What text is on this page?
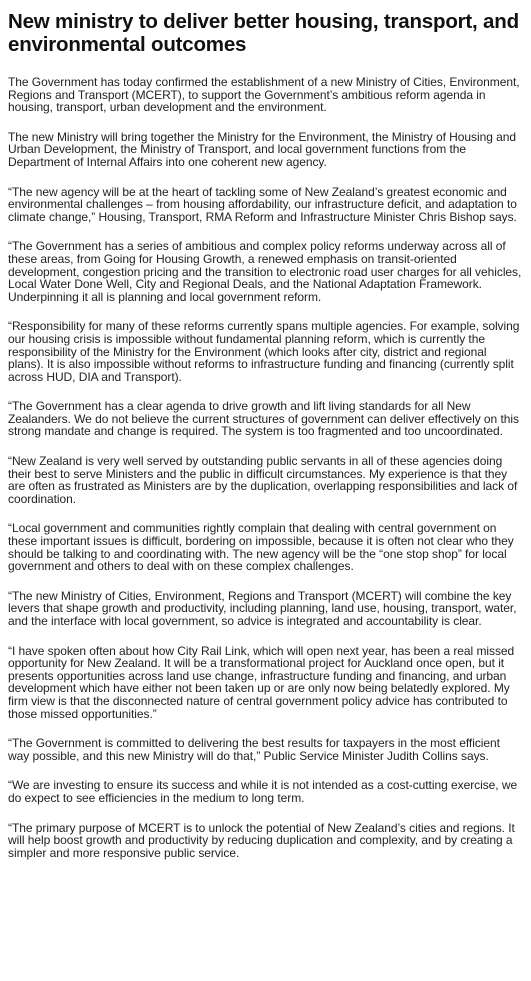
New ministry to deliver better housing, transport, and environmental outcomes

The Government has today confirmed the establishment of a new Ministry of Cities, Environment, Regions and Transport (MCERT), to support the Government’s ambitious reform agenda in housing, transport, urban development and the environment.

The new Ministry will bring together the Ministry for the Environment, the Ministry of Housing and Urban Development, the Ministry of Transport, and local government functions from the Department of Internal Affairs into one coherent new agency.

“The new agency will be at the heart of tackling some of New Zealand’s greatest economic and environmental challenges – from housing affordability, our infrastructure deficit, and adaptation to climate change,” Housing, Transport, RMA Reform and Infrastructure Minister Chris Bishop says.

“The Government has a series of ambitious and complex policy reforms underway across all of these areas, from Going for Housing Growth, a renewed emphasis on transit-oriented development, congestion pricing and the transition to electronic road user charges for all vehicles, Local Water Done Well, City and Regional Deals, and the National Adaptation Framework. Underpinning it all is planning and local government reform.

“Responsibility for many of these reforms currently spans multiple agencies. For example, solving our housing crisis is impossible without fundamental planning reform, which is currently the responsibility of the Ministry for the Environment (which looks after city, district and regional plans). It is also impossible without reforms to infrastructure funding and financing (currently split across HUD, DIA and Transport).

“The Government has a clear agenda to drive growth and lift living standards for all New Zealanders. We do not believe the current structures of government can deliver effectively on this strong mandate and change is required. The system is too fragmented and too uncoordinated.

“New Zealand is very well served by outstanding public servants in all of these agencies doing their best to serve Ministers and the public in difficult circumstances. My experience is that they are often as frustrated as Ministers are by the duplication, overlapping responsibilities and lack of coordination.

“Local government and communities rightly complain that dealing with central government on these important issues is difficult, bordering on impossible, because it is often not clear who they should be talking to and coordinating with. The new agency will be the “one stop shop” for local government and others to deal with on these complex challenges.

“The new Ministry of Cities, Environment, Regions and Transport (MCERT) will combine the key levers that shape growth and productivity, including planning, land use, housing, transport, water, and the interface with local government, so advice is integrated and accountability is clear.

“I have spoken often about how City Rail Link, which will open next year, has been a real missed opportunity for New Zealand. It will be a transformational project for Auckland once open, but it presents opportunities across land use change, infrastructure funding and financing, and urban development which have either not been taken up or are only now being belatedly explored. My firm view is that the disconnected nature of central government policy advice has contributed to those missed opportunities.”

“The Government is committed to delivering the best results for taxpayers in the most efficient way possible, and this new Ministry will do that,” Public Service Minister Judith Collins says.

“We are investing to ensure its success and while it is not intended as a cost-cutting exercise, we do expect to see efficiencies in the medium to long term.

“The primary purpose of MCERT is to unlock the potential of New Zealand’s cities and regions. It will help boost growth and productivity by reducing duplication and complexity, and by creating a simpler and more responsive public service.
